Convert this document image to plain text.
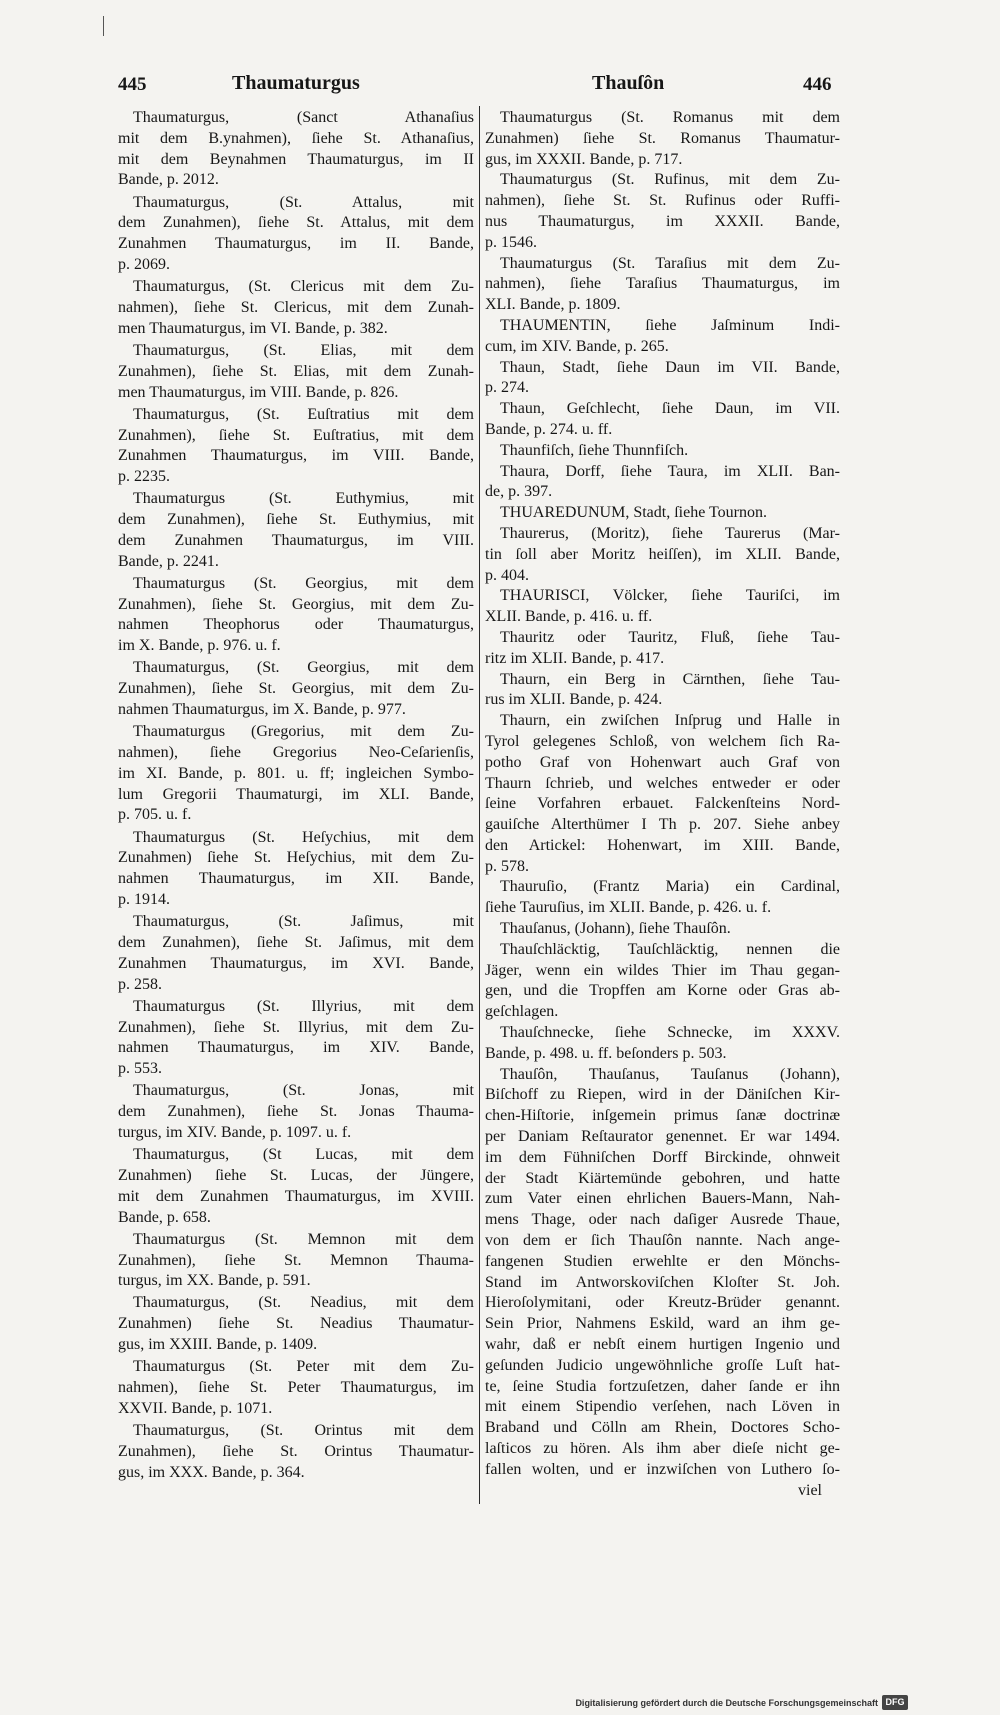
445	Thaumaturgus	Thauſôn	446
Thaumaturgus, (Sanct Athanaſius
mit dem B.ynahmen), ſiehe St. Athanaſius,
mit dem Beynahmen Thaumaturgus, im II
Bande, p. 2012.
Thaumaturgus, (St. Attalus, mit
dem Zunahmen), ſiehe St. Attalus, mit dem
Zunahmen Thaumaturgus, im II. Bande,
p. 2069.
Thaumaturgus, (St. Clericus mit dem Zu-
nahmen), ſiehe St. Clericus, mit dem Zunah-
men Thaumaturgus, im VI. Bande, p. 382.
Thaumaturgus, (St. Elias, mit dem
Zunahmen), ſiehe St. Elias, mit dem Zunah-
men Thaumaturgus, im VIII. Bande, p. 826.
Thaumaturgus, (St. Euſtratius mit dem
Zunahmen), ſiehe St. Euſtratius, mit dem
Zunahmen Thaumaturgus, im VIII. Bande,
p. 2235.
Thaumaturgus (St. Euthymius, mit
dem Zunahmen), ſiehe St. Euthymius, mit
dem Zunahmen Thaumaturgus, im VIII.
Bande, p. 2241.
Thaumaturgus (St. Georgius, mit dem
Zunahmen), ſiehe St. Georgius, mit dem Zu-
nahmen Theophorus oder Thaumaturgus,
im X. Bande, p. 976. u. f.
Thaumaturgus, (St. Georgius, mit dem
Zunahmen), ſiehe St. Georgius, mit dem Zu-
nahmen Thaumaturgus, im X. Bande, p. 977.
Thaumaturgus (Gregorius, mit dem Zu-
nahmen), ſiehe Gregorius Neo-Ceſarienſis,
im XI. Bande, p. 801. u. ff; ingleichen Symbo-
lum Gregorii Thaumaturgi, im XLI. Bande,
p. 705. u. f.
Thaumaturgus (St. Heſychius, mit dem
Zunahmen) ſiehe St. Heſychius, mit dem Zu-
nahmen Thaumaturgus, im XII. Bande,
p. 1914.
Thaumaturgus, (St. Jaſimus, mit
dem Zunahmen), ſiehe St. Jaſimus, mit dem
Zunahmen Thaumaturgus, im XVI. Bande,
p. 258.
Thaumaturgus (St. Illyrius, mit dem
Zunahmen), ſiehe St. Illyrius, mit dem Zu-
nahmen Thaumaturgus, im XIV. Bande,
p. 553.
Thaumaturgus, (St. Jonas, mit
dem Zunahmen), ſiehe St. Jonas Thauma-
turgus, im XIV. Bande, p. 1097. u. f.
Thaumaturgus, (St Lucas, mit dem
Zunahmen) ſiehe St. Lucas, der Jüngere,
mit dem Zunahmen Thaumaturgus, im XVIII.
Bande, p. 658.
Thaumaturgus (St. Memnon mit dem
Zunahmen), ſiehe St. Memnon Thauma-
turgus, im XX. Bande, p. 591.
Thaumaturgus, (St. Neadius, mit dem
Zunahmen) ſiehe St. Neadius Thaumatur-
gus, im XXIII. Bande, p. 1409.
Thaumaturgus (St. Peter mit dem Zu-
nahmen), ſiehe St. Peter Thaumaturgus, im
XXVII. Bande, p. 1071.
Thaumaturgus, (St. Orintus mit dem
Zunahmen), ſiehe St. Orintus Thaumatur-
gus, im XXX. Bande, p. 364.
Thaumaturgus (St. Romanus mit dem
Zunahmen) ſiehe St. Romanus Thaumatur-
gus, im XXXII. Bande, p. 717.
Thaumaturgus (St. Rufinus, mit dem Zu-
nahmen), ſiehe St. St. Rufinus oder Ruffi-
nus Thaumaturgus, im XXXII. Bande,
p. 1546.
Thaumaturgus (St. Taraſius mit dem Zu-
nahmen), ſiehe Taraſius Thaumaturgus, im
XLI. Bande, p. 1809.
THAUMENTIN, ſiehe Jaſminum Indi-
cum, im XIV. Bande, p. 265.
Thaun, Stadt, ſiehe Daun im VII. Bande,
p. 274.
Thaun, Geſchlecht, ſiehe Daun, im VII.
Bande, p. 274. u. ff.
Thaunfiſch, ſiehe Thunnfiſch.
Thaura, Dorff, ſiehe Taura, im XLII. Ban-
de, p. 397.
THUAREDUNUM, Stadt, ſiehe Tournon.
Thaurerus, (Moritz), ſiehe Taurerus (Mar-
tin ſoll aber Moritz heiſſen), im XLII. Bande,
p. 404.
THAURISCI, Völcker, ſiehe Tauriſci, im
XLII. Bande, p. 416. u. ff.
Thauritz oder Tauritz, Fluß, ſiehe Tau-
ritz im XLII. Bande, p. 417.
Thaurn, ein Berg in Cärnthen, ſiehe Tau-
rus im XLII. Bande, p. 424.
Thaurn, ein zwiſchen Inſprug und Halle in
Tyrol gelegenes Schloß, von welchem ſich Ra-
potho Graf von Hohenwart auch Graf von
Thaurn ſchrieb, und welches entweder er oder
ſeine Vorfahren erbauet. Falckenſteins Nord-
gauiſche Alterthümer I Th p. 207. Siehe anbey
den Artickel: Hohenwart, im XIII. Bande,
p. 578.
Thauruſio, (Frantz Maria) ein Cardinal,
ſiehe Tauruſius, im XLII. Bande, p. 426. u. f.
Thauſanus, (Johann), ſiehe Thauſôn.
Thauſchläcktig, Tauſchläcktig, nennen die
Jäger, wenn ein wildes Thier im Thau gegan-
gen, und die Tropffen am Korne oder Gras ab-
geſchlagen.
Thauſchnecke, ſiehe Schnecke, im XXXV.
Bande, p. 498. u. ff. beſonders p. 503.
Thauſôn, Thauſanus, Tauſanus (Johann),
Biſchoff zu Riepen, wird in der Däniſchen Kir-
chen-Hiſtorie, inſgemein primus ſanæ doctrinæ
per Daniam Reſtaurator genennet. Er war 1494.
im dem Fühniſchen Dorff Birckinde, ohnweit
der Stadt Kiärtemünde gebohren, und hatte
zum Vater einen ehrlichen Bauers-Mann, Nah-
mens Thage, oder nach daſiger Ausrede Thaue,
von dem er ſich Thauſôn nannte. Nach ange-
fangenen Studien erwehlte er den Mönchs-
Stand im Antworskoviſchen Kloſter St. Joh.
Hieroſolymitani, oder Kreutz-Brüder genannt.
Sein Prior, Nahmens Eskild, ward an ihm ge-
wahr, daß er nebſt einem hurtigen Ingenio und
geſunden Judicio ungewöhnliche groſſe Luſt hat-
te, ſeine Studia fortzuſetzen, daher ſande er ihn
mit einem Stipendio verſehen, nach Löven in
Braband und Cölln am Rhein, Doctores Scho-
laſticos zu hören. Als ihm aber dieſe nicht ge-
fallen wolten, und er inzwiſchen von Luthero ſo-
viel
Digitalisierung gefördert durch die Deutsche Forschungsgemeinschaft DFG
